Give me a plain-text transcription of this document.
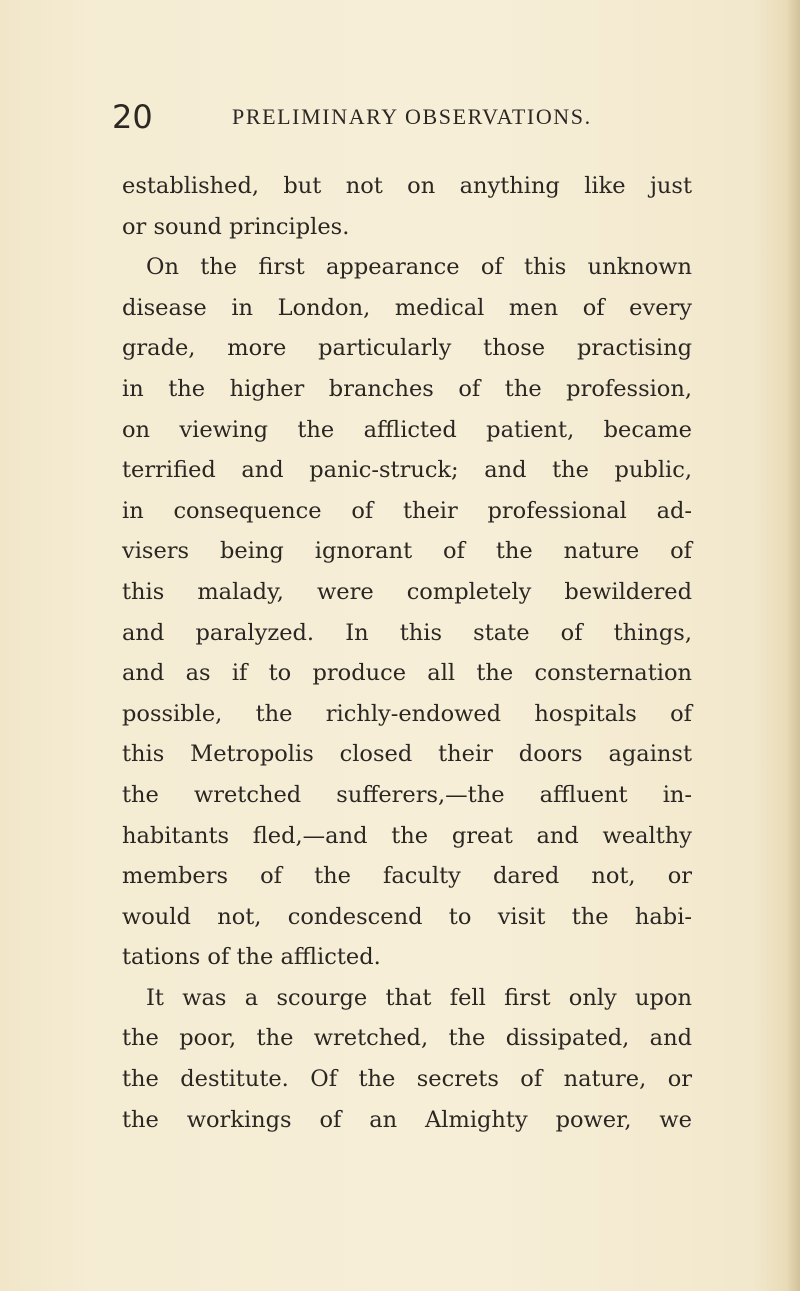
20	PRELIMINARY OBSERVATIONS.
established, but not on anything like just
or sound principles.
On the first appearance of this unknown
disease in London, medical men of every
grade, more particularly those practising
in the higher branches of the profession,
on viewing the afflicted patient, became
terrified and panic-struck; and the public,
in consequence of their professional ad-
visers being ignorant of the nature of
this malady, were completely bewildered
and paralyzed. In this state of things,
and as if to produce all the consternation
possible, the richly-endowed hospitals of
this Metropolis closed their doors against
the wretched sufferers,—the affluent in-
habitants fled,—and the great and wealthy
members of the faculty dared not, or
would not, condescend to visit the habi-
tations of the afflicted.
It was a scourge that fell first only upon
the poor, the wretched, the dissipated, and
the destitute. Of the secrets of nature, or
the workings of an Almighty power, we
